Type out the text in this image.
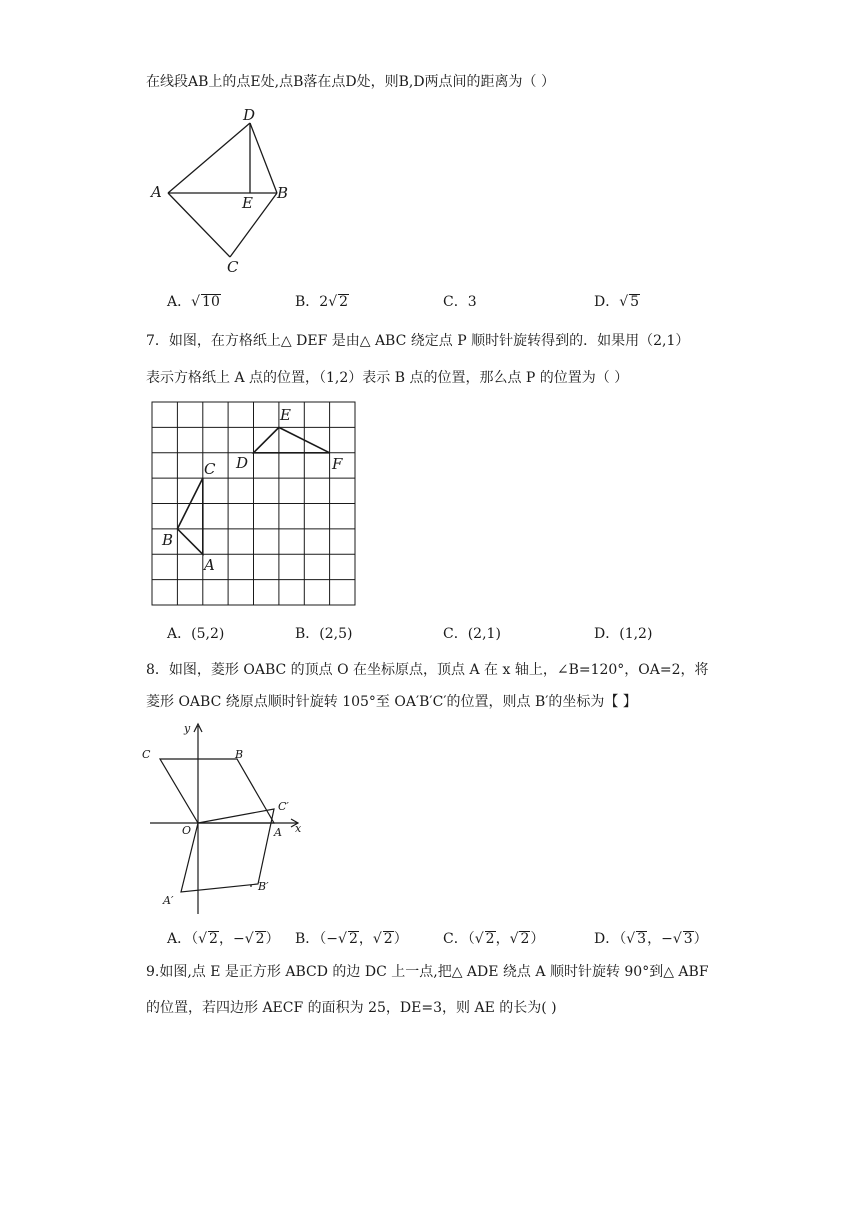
在线段AB上的点E处,点B落在点D处，则B,D两点间的距离为（ ）
D
A	B
E
C
A．√ 10	B．2√ 2	C．3	D．√ 5
7．如图，在方格纸上△ DEF 是由△ ABC 绕定点 P 顺时针旋转得到的．如果用（2,1）
表示方格纸上 A 点的位置，（1,2）表示 B 点的位置，那么点 P 的位置为（ ）
C
B
A
D
E
F
A．(5,2)	B．(2,5)	C．(2,1)	D．(1,2)
8．如图，菱形 OABC 的顶点 O 在坐标原点，顶点 A 在 x 轴上，∠B=120°，OA=2，将
菱形 OABC 绕原点顺时针旋转 105°至 OA′B′C′的位置，则点 B′的坐标为【 】
y
x
O	A
B
C
C′
B′
A′
A．（√ 2，−√ 2） B．（−√ 2，√ 2）	C．（√ 2，√ 2）	D．（√ 3，−√ 3）
9.如图,点 E 是正方形 ABCD 的边 DC 上一点,把△ ADE 绕点 A 顺时针旋转 90°到△ ABF
的位置，若四边形 AECF 的面积为 25，DE=3，则 AE 的长为( )
